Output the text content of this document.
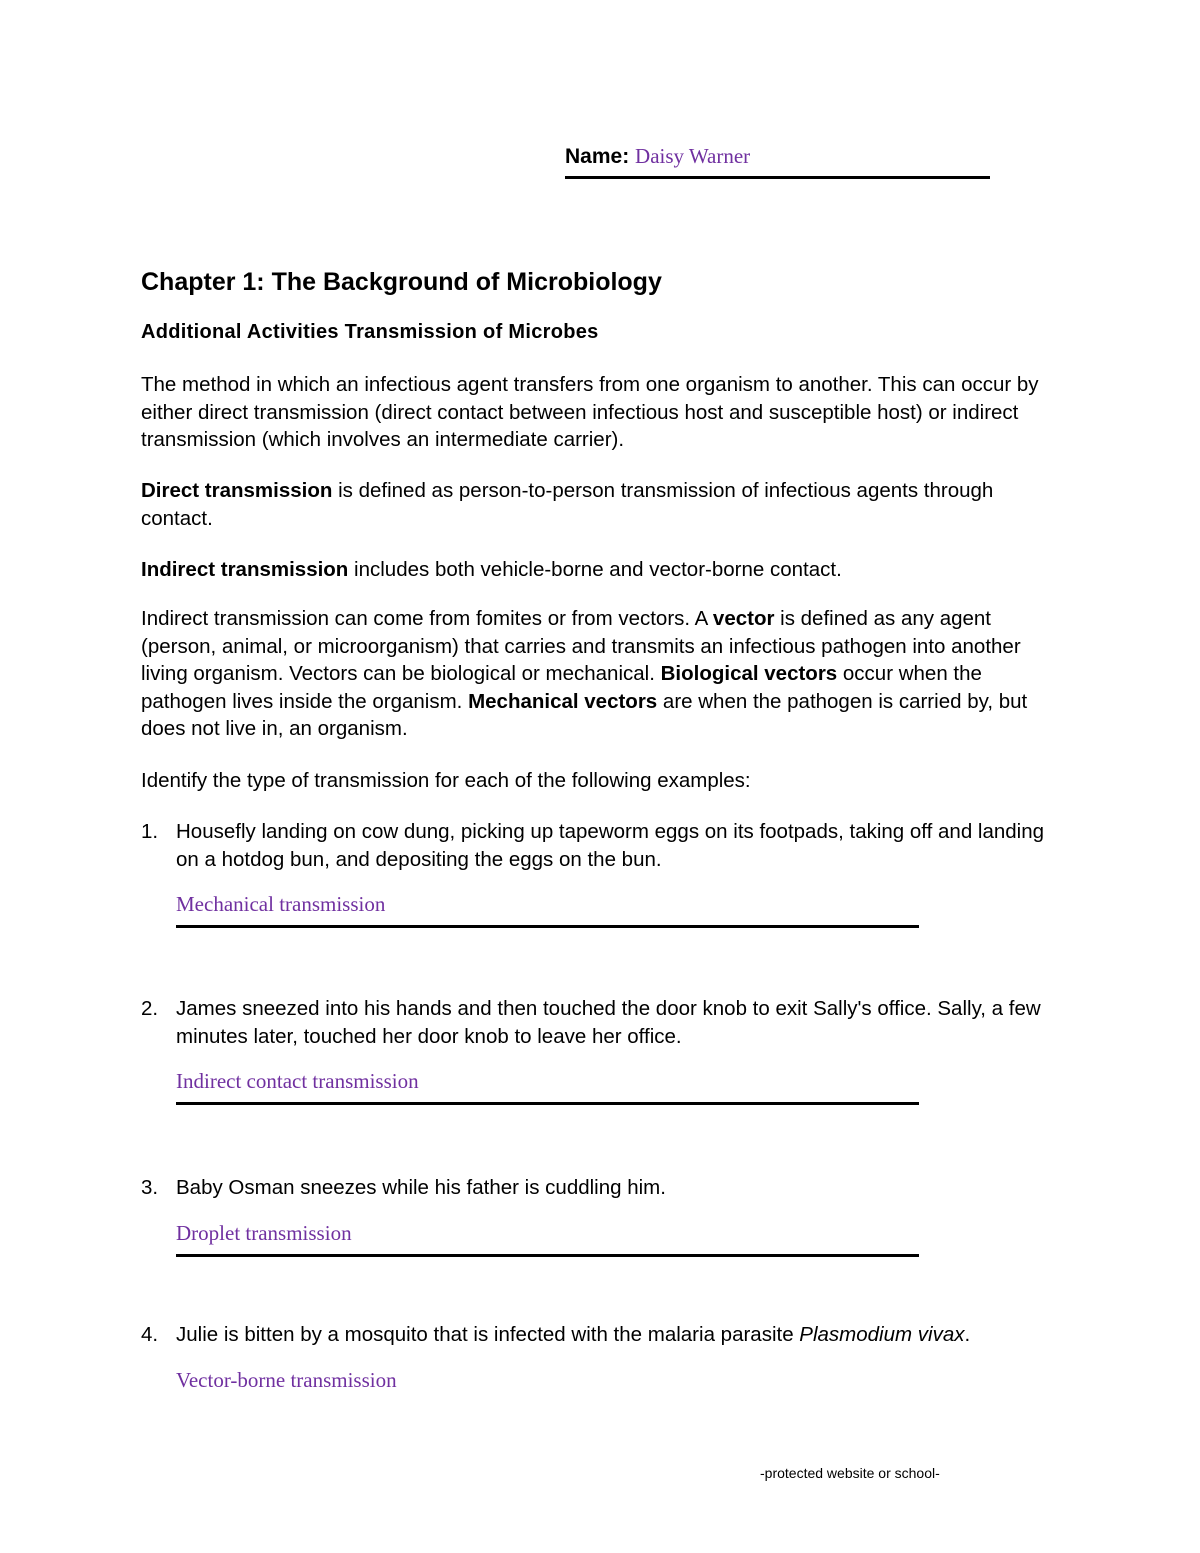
Name: Daisy Warner
Chapter 1: The Background of Microbiology
Additional Activities Transmission of Microbes

The method in which an infectious agent transfers from one organism to another. This can occur by either direct transmission (direct contact between infectious host and susceptible host) or indirect transmission (which involves an intermediate carrier).

Direct transmission is defined as person-to-person transmission of infectious agents through contact.

Indirect transmission includes both vehicle-borne and vector-borne contact.

Indirect transmission can come from fomites or from vectors. A vector is defined as any agent (person, animal, or microorganism) that carries and transmits an infectious pathogen into another living organism. Vectors can be biological or mechanical. Biological vectors occur when the pathogen lives inside the organism. Mechanical vectors are when the pathogen is carried by, but does not live in, an organism.

Identify the type of transmission for each of the following examples:

1. Housefly landing on cow dung, picking up tapeworm eggs on its footpads, taking off and landing on a hotdog bun, and depositing the eggs on the bun.
Mechanical transmission
2. James sneezed into his hands and then touched the door knob to exit Sally's office. Sally, a few minutes later, touched her door knob to leave her office.
Indirect contact transmission
3. Baby Osman sneezes while his father is cuddling him.
Droplet transmission
4. Julie is bitten by a mosquito that is infected with the malaria parasite Plasmodium vivax.
Vector-borne transmission
-protected website or school-
